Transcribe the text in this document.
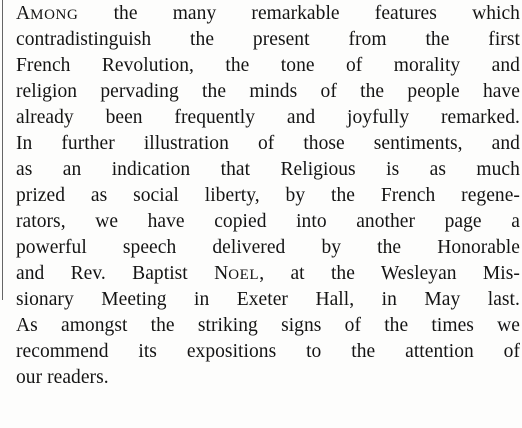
AMONG the many remarkable features which
contradistinguish the present from the first
French Revolution, the tone of morality and
religion pervading the minds of the people have
already been frequently and joyfully remarked.
In further illustration of those sentiments, and
as an indication that Religious is as much
prized as social liberty, by the French regene-
rators, we have copied into another page a
powerful speech delivered by the Honorable
and Rev. Baptist NOEL, at the Wesleyan Mis-
sionary Meeting in Exeter Hall, in May last.
As amongst the striking signs of the times we
recommend its expositions to the attention of
our readers.
